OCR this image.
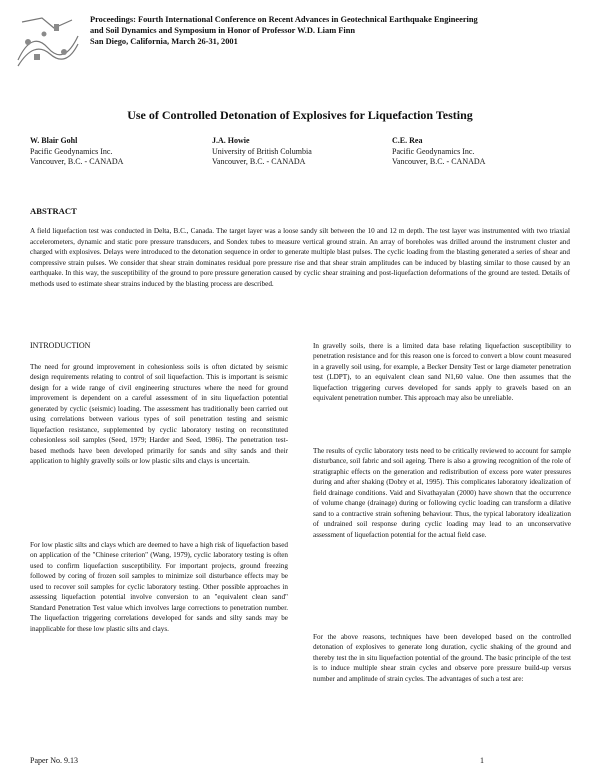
Proceedings: Fourth International Conference on Recent Advances in Geotechnical Earthquake Engineering
and Soil Dynamics and Symposium in Honor of Professor W.D. Liam Finn
San Diego, California, March 26-31, 2001
Use of Controlled Detonation of Explosives for Liquefaction Testing
W. Blair Gohl
Pacific Geodynamics Inc.
Vancouver, B.C. - CANADA
J.A. Howie
University of British Columbia
Vancouver, B.C. - CANADA
C.E. Rea
Pacific Geodynamics Inc.
Vancouver, B.C. - CANADA
ABSTRACT
A field liquefaction test was conducted in Delta, B.C., Canada. The target layer was a loose sandy silt between the 10 and 12 m depth. The test layer was instrumented with two triaxial accelerometers, dynamic and static pore pressure transducers, and Sondex tubes to measure vertical ground strain. An array of boreholes was drilled around the instrument cluster and charged with explosives. Delays were introduced to the detonation sequence in order to generate multiple blast pulses. The cyclic loading from the blasting generated a series of shear and compressive strain pulses. We consider that shear strain dominates residual pore pressure rise and that shear strain amplitudes can be induced by blasting similar to those caused by an earthquake. In this way, the susceptibility of the ground to pore pressure generation caused by cyclic shear straining and post-liquefaction deformations of the ground are tested. Details of methods used to estimate shear strains induced by the blasting process are described.
INTRODUCTION
The need for ground improvement in cohesionless soils is often dictated by seismic design requirements relating to control of soil liquefaction. This is important is seismic design for a wide range of civil engineering structures where the need for ground improvement is dependent on a careful assessment of in situ liquefaction potential generated by cyclic (seismic) loading. The assessment has traditionally been carried out using correlations between various types of soil penetration testing and seismic liquefaction resistance, supplemented by cyclic laboratory testing on reconstituted cohesionless soil samples (Seed, 1979; Harder and Seed, 1986). The penetration test-based methods have been developed primarily for sands and silty sands and their application to highly gravelly soils or low plastic silts and clays is uncertain.
For low plastic silts and clays which are deemed to have a high risk of liquefaction based on application of the "Chinese criterion" (Wang, 1979), cyclic laboratory testing is often used to confirm liquefaction susceptibility. For important projects, ground freezing followed by coring of frozen soil samples to minimize soil disturbance effects may be used to recover soil samples for cyclic laboratory testing. Other possible approaches in assessing liquefaction potential involve conversion to an "equivalent clean sand" Standard Penetration Test value which involves large corrections to penetration number. The liquefaction triggering correlations developed for sands and silty sands may be inapplicable for these low plastic silts and clays.
In gravelly soils, there is a limited data base relating liquefaction susceptibility to penetration resistance and for this reason one is forced to convert a blow count measured in a gravelly soil using, for example, a Becker Density Test or large diameter penetration test (LDPT), to an equivalent clean sand N1,60 value. One then assumes that the liquefaction triggering curves developed for sands apply to gravels based on an equivalent penetration number. This approach may also be unreliable.
The results of cyclic laboratory tests need to be critically reviewed to account for sample disturbance, soil fabric and soil ageing. There is also a growing recognition of the role of stratigraphic effects on the generation and redistribution of excess pore water pressures during and after shaking (Dobry et al, 1995). This complicates laboratory idealization of field drainage conditions. Vaid and Sivathayalan (2000) have shown that the occurrence of volume change (drainage) during or following cyclic loading can transform a dilative sand to a contractive strain softening behaviour. Thus, the typical laboratory idealization of undrained soil response during cyclic loading may lead to an unconservative assessment of liquefaction potential for the actual field case.
For the above reasons, techniques have been developed based on the controlled detonation of explosives to generate long duration, cyclic shaking of the ground and thereby test the in situ liquefaction potential of the ground. The basic principle of the test is to induce multiple shear strain cycles and observe pore pressure build-up versus number and amplitude of strain cycles. The advantages of such a test are:
Paper No. 9.13	1
